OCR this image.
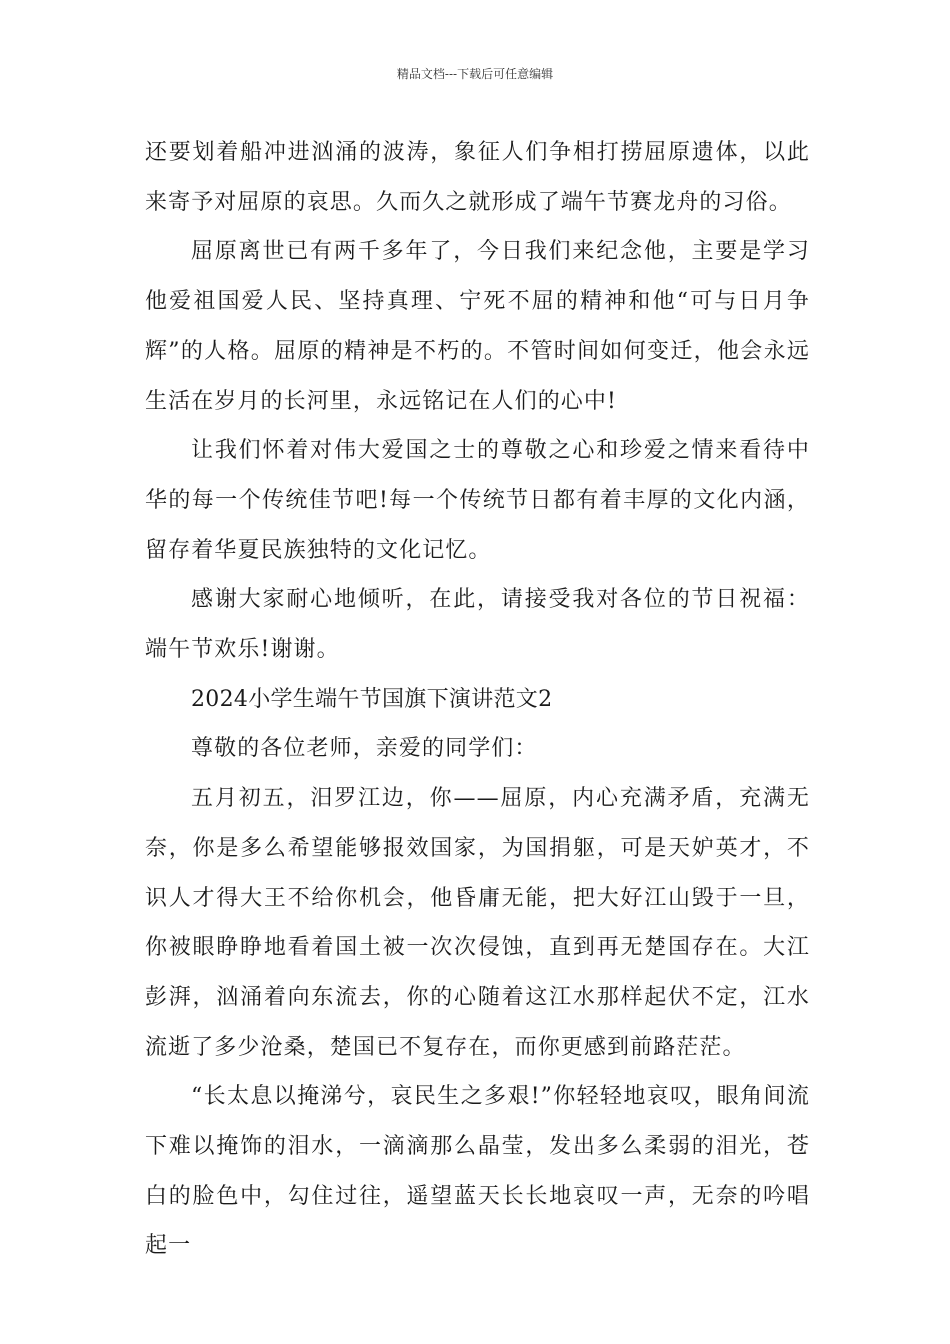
精品文档---下载后可任意编辑

还要划着船冲进汹涌的波涛，象征人们争相打捞屈原遗体，以此来寄予对屈原的哀思。久而久之就形成了端午节赛龙舟的习俗。

屈原离世已有两千多年了，今日我们来纪念他，主要是学习他爱祖国爱人民、坚持真理、宁死不屈的精神和他“可与日月争辉”的人格。屈原的精神是不朽的。不管时间如何变迁，他会永远生活在岁月的长河里，永远铭记在人们的心中!

让我们怀着对伟大爱国之士的尊敬之心和珍爱之情来看待中华的每一个传统佳节吧!每一个传统节日都有着丰厚的文化内涵，留存着华夏民族独特的文化记忆。

感谢大家耐心地倾听，在此，请接受我对各位的节日祝福：端午节欢乐!谢谢。

2024小学生端午节国旗下演讲范文2

尊敬的各位老师，亲爱的同学们：

五月初五，汨罗江边，你——屈原，内心充满矛盾，充满无奈，你是多么希望能够报效国家，为国捐躯，可是天妒英才，不识人才得大王不给你机会，他昏庸无能，把大好江山毁于一旦，你被眼睁睁地看着国土被一次次侵蚀，直到再无楚国存在。大江彭湃，汹涌着向东流去，你的心随着这江水那样起伏不定，江水流逝了多少沧桑，楚国已不复存在，而你更感到前路茫茫。

“长太息以掩涕兮，哀民生之多艰!”你轻轻地哀叹，眼角间流下难以掩饰的泪水，一滴滴那么晶莹，发出多么柔弱的泪光，苍白的脸色中，勾住过往，遥望蓝天长长地哀叹一声，无奈的吟唱起一
